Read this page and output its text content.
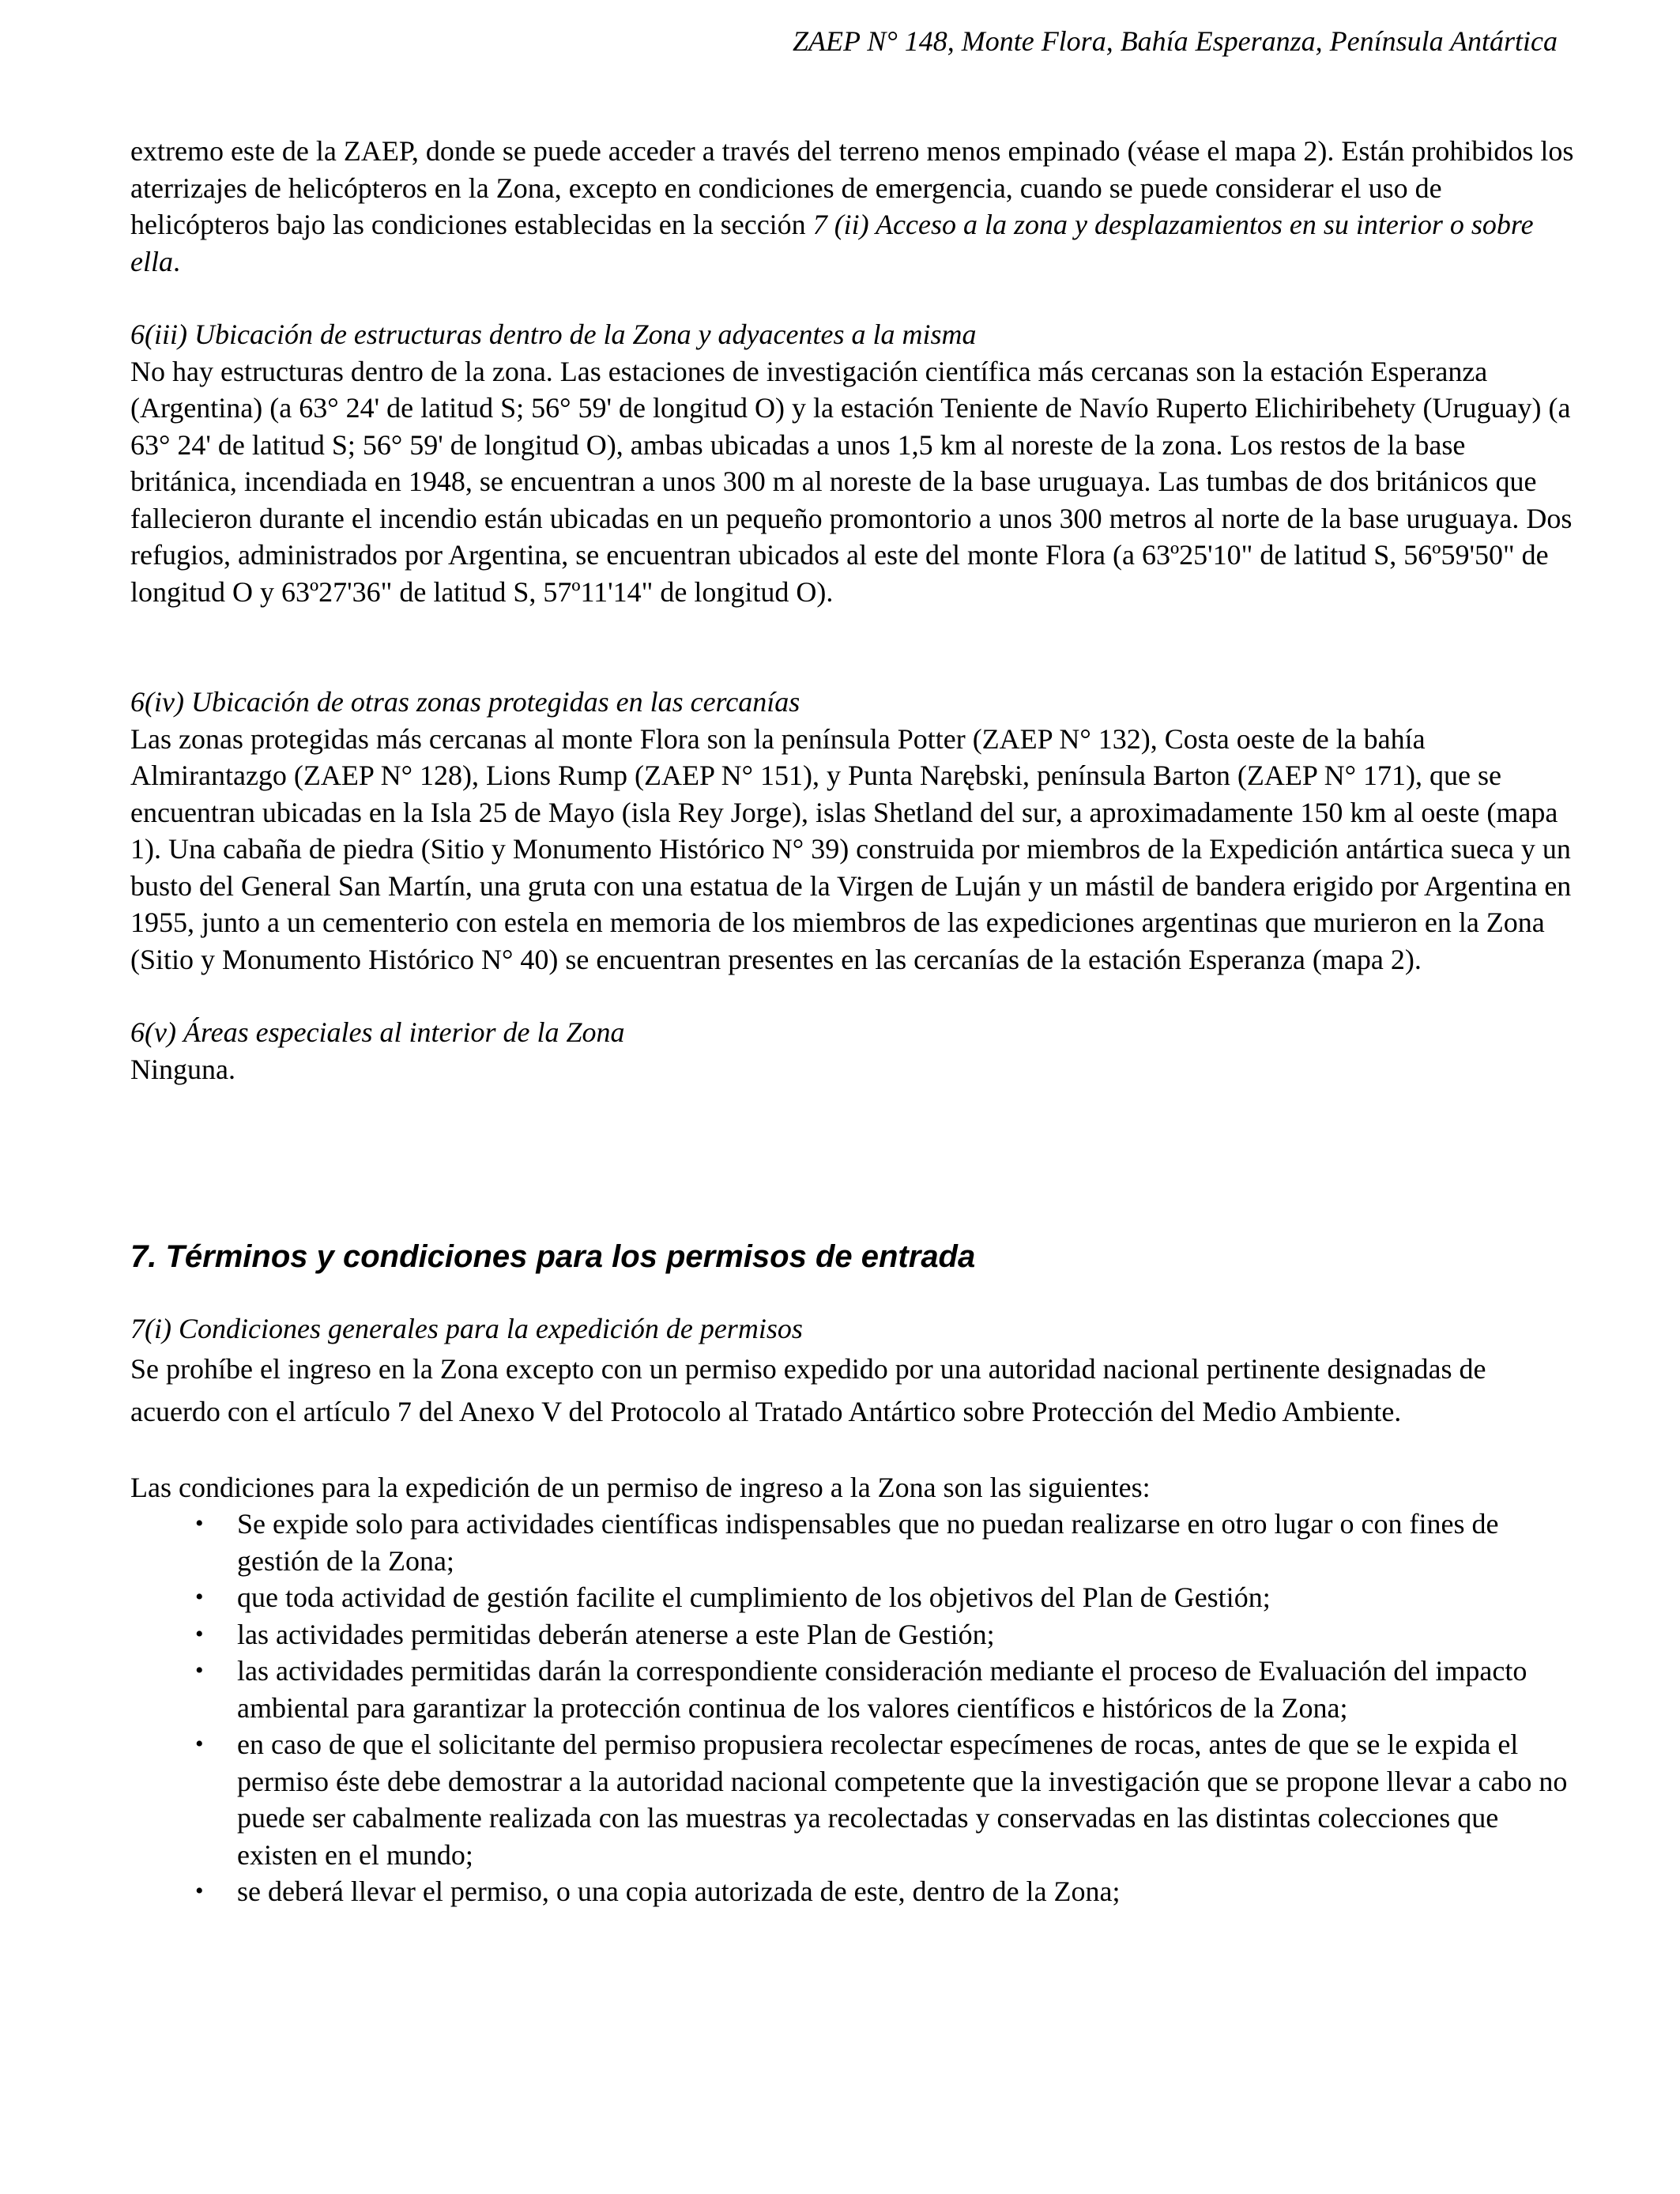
ZAEP N° 148, Monte Flora, Bahía Esperanza, Península Antártica

extremo este de la ZAEP, donde se puede acceder a través del terreno menos empinado (véase el mapa 2). Están prohibidos los aterrizajes de helicópteros en la Zona, excepto en condiciones de emergencia, cuando se puede considerar el uso de helicópteros bajo las condiciones establecidas en la sección 7 (ii) Acceso a la zona y desplazamientos en su interior o sobre ella.

6(iii) Ubicación de estructuras dentro de la Zona y adyacentes a la misma

No hay estructuras dentro de la zona. Las estaciones de investigación científica más cercanas son la estación Esperanza (Argentina) (a 63° 24' de latitud S; 56° 59' de longitud O) y la estación Teniente de Navío Ruperto Elichiribehety (Uruguay) (a 63° 24' de latitud S; 56° 59' de longitud O), ambas ubicadas a unos 1,5 km al noreste de la zona. Los restos de la base británica, incendiada en 1948, se encuentran a unos 300 m al noreste de la base uruguaya. Las tumbas de dos británicos que fallecieron durante el incendio están ubicadas en un pequeño promontorio a unos 300 metros al norte de la base uruguaya. Dos refugios, administrados por Argentina, se encuentran ubicados al este del monte Flora (a 63º25'10" de latitud S, 56º59'50" de longitud O y 63º27'36" de latitud S, 57º11'14" de longitud O).

6(iv) Ubicación de otras zonas protegidas en las cercanías

Las zonas protegidas más cercanas al monte Flora son la península Potter (ZAEP N° 132), Costa oeste de la bahía Almirantazgo (ZAEP N° 128), Lions Rump (ZAEP N° 151), y Punta Narębski, península Barton (ZAEP N° 171), que se encuentran ubicadas en la Isla 25 de Mayo (isla Rey Jorge), islas Shetland del sur, a aproximadamente 150 km al oeste (mapa 1). Una cabaña de piedra (Sitio y Monumento Histórico N° 39) construida por miembros de la Expedición antártica sueca y un busto del General San Martín, una gruta con una estatua de la Virgen de Luján y un mástil de bandera erigido por Argentina en 1955, junto a un cementerio con estela en memoria de los miembros de las expediciones argentinas que murieron en la Zona (Sitio y Monumento Histórico N° 40) se encuentran presentes en las cercanías de la estación Esperanza (mapa 2).

6(v) Áreas especiales al interior de la Zona

Ninguna.

7. Términos y condiciones para los permisos de entrada

7(i) Condiciones generales para la expedición de permisos

Se prohíbe el ingreso en la Zona excepto con un permiso expedido por una autoridad nacional pertinente designadas de acuerdo con el artículo 7 del Anexo V del Protocolo al Tratado Antártico sobre Protección del Medio Ambiente.

Las condiciones para la expedición de un permiso de ingreso a la Zona son las siguientes:

• Se expide solo para actividades científicas indispensables que no puedan realizarse en otro lugar o con fines de gestión de la Zona;
• que toda actividad de gestión facilite el cumplimiento de los objetivos del Plan de Gestión;
• las actividades permitidas deberán atenerse a este Plan de Gestión;
• las actividades permitidas darán la correspondiente consideración mediante el proceso de Evaluación del impacto ambiental para garantizar la protección continua de los valores científicos e históricos de la Zona;
• en caso de que el solicitante del permiso propusiera recolectar especímenes de rocas, antes de que se le expida el permiso éste debe demostrar a la autoridad nacional competente que la investigación que se propone llevar a cabo no puede ser cabalmente realizada con las muestras ya recolectadas y conservadas en las distintas colecciones que existen en el mundo;
• se deberá llevar el permiso, o una copia autorizada de este, dentro de la Zona;
